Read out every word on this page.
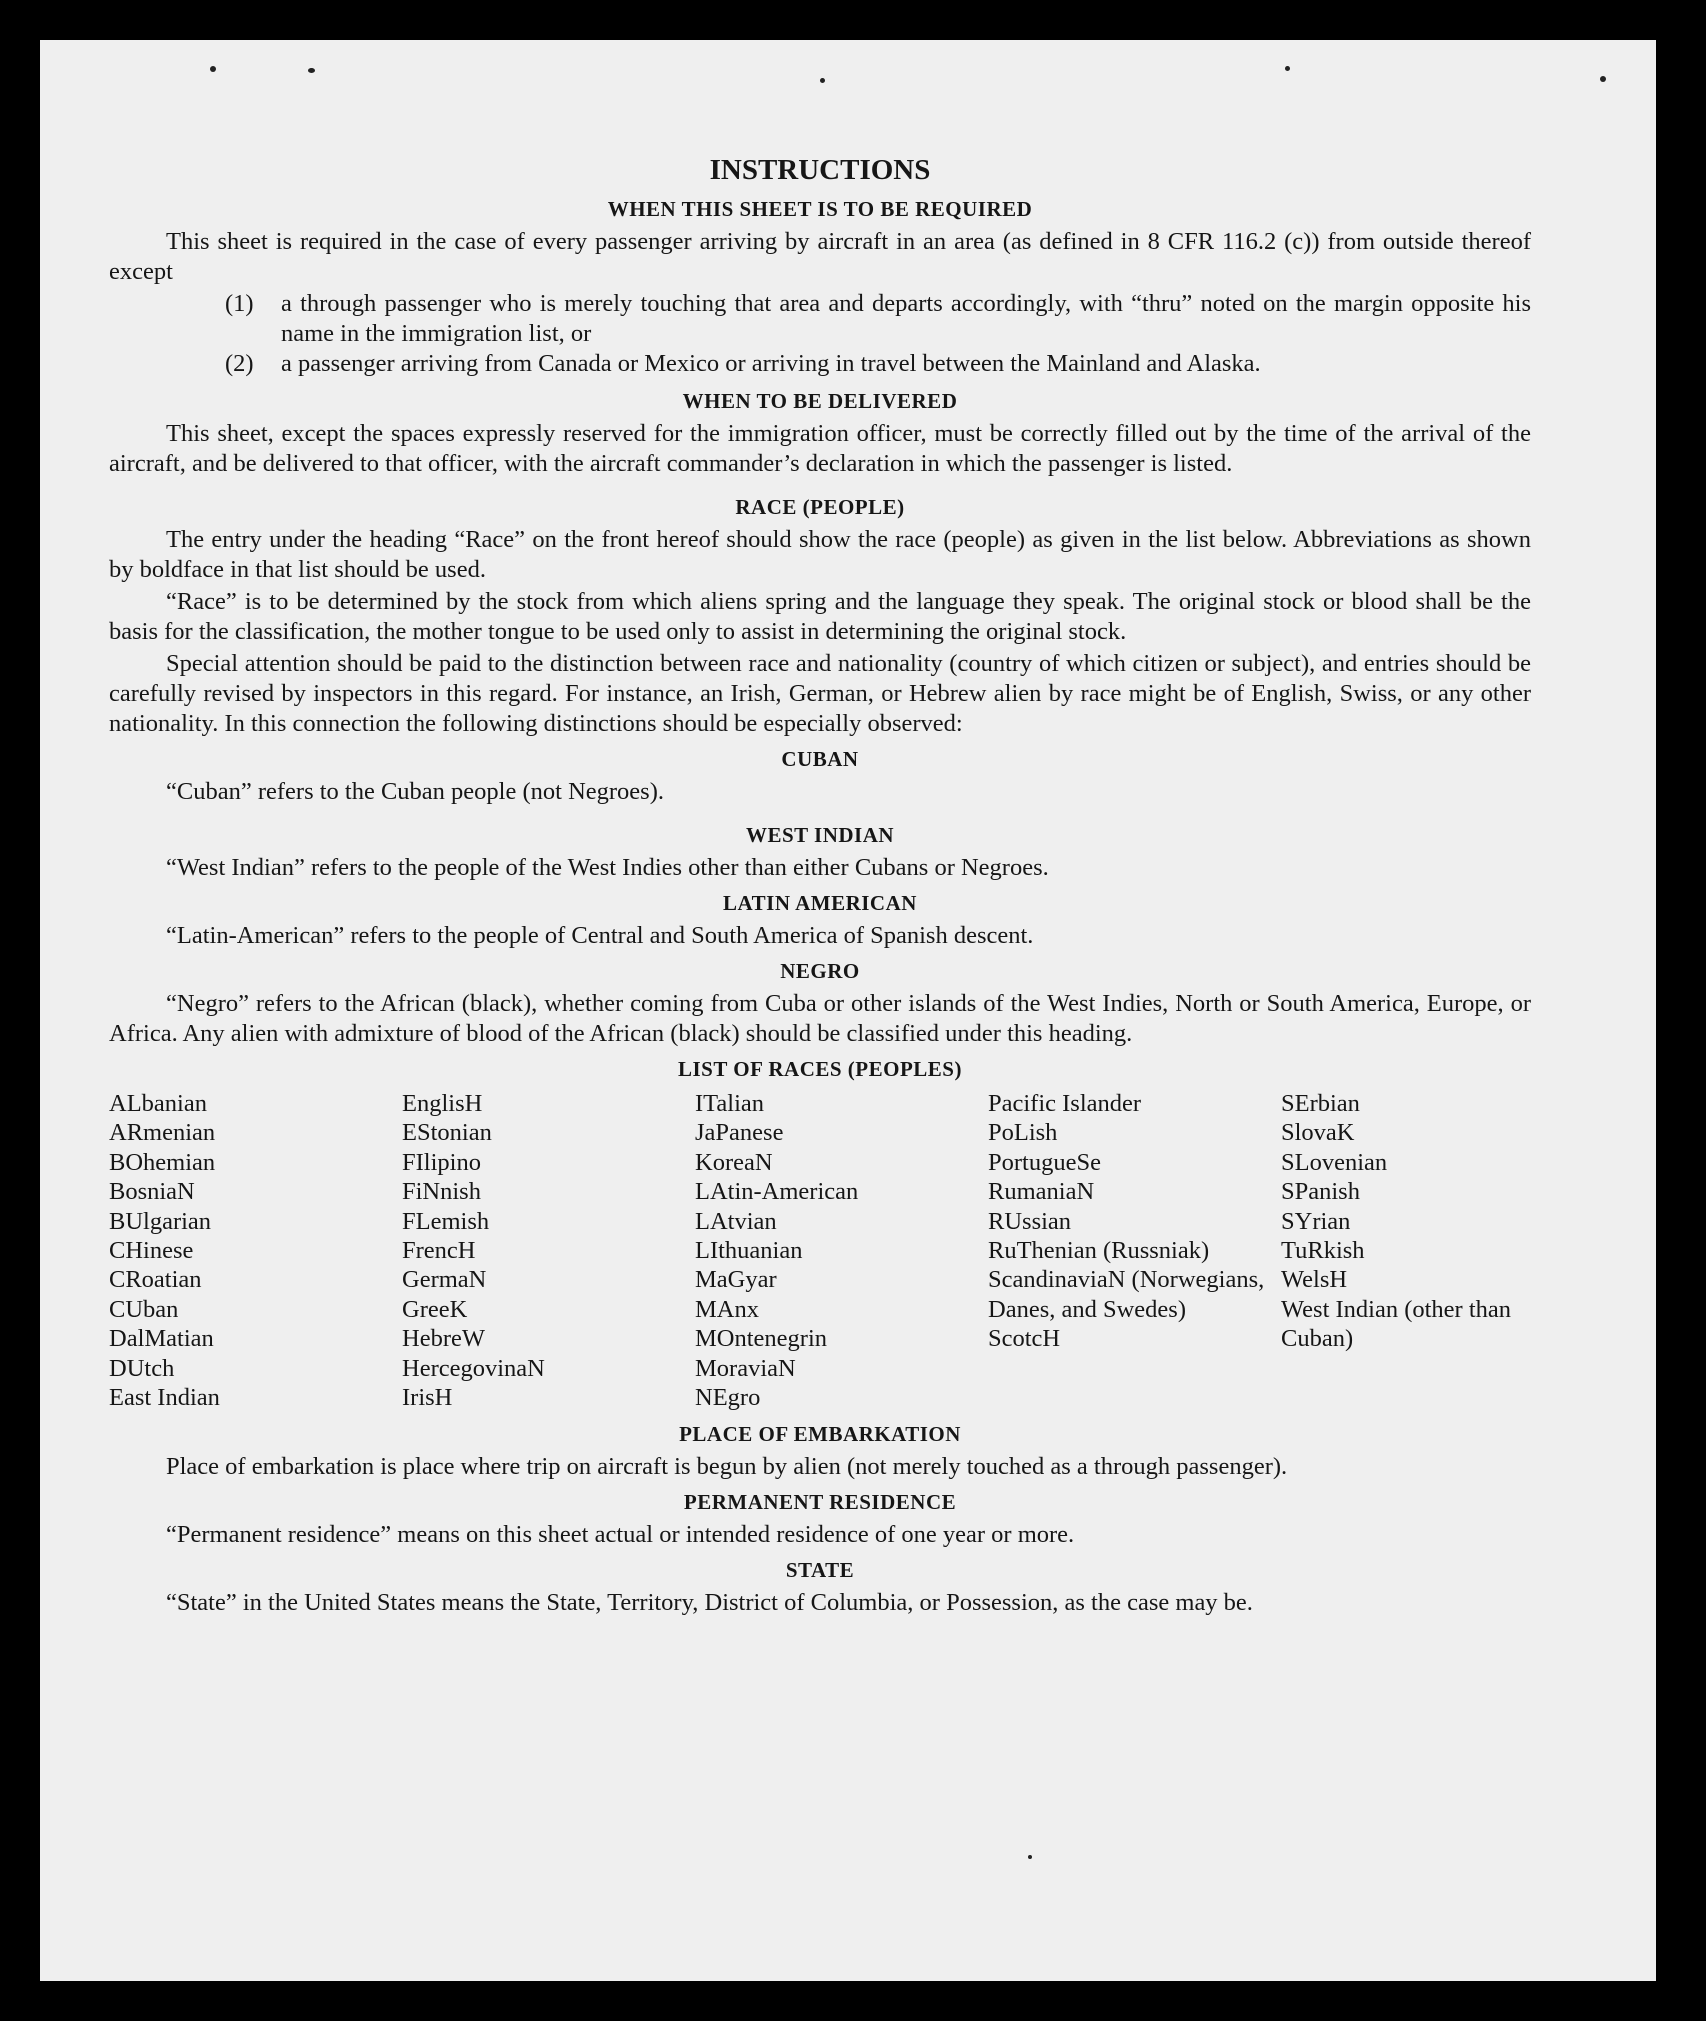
INSTRUCTIONS
WHEN THIS SHEET IS TO BE REQUIRED
This sheet is required in the case of every passenger arriving by aircraft in an area (as defined in 8 CFR 116.2 (c)) from outside thereof except
(1)	a through passenger who is merely touching that area and departs accordingly, with “thru” noted on the margin opposite his name in the immigration list, or
(2)	a passenger arriving from Canada or Mexico or arriving in travel between the Mainland and Alaska.
WHEN TO BE DELIVERED
This sheet, except the spaces expressly reserved for the immigration officer, must be correctly filled out by the time of the arrival of the aircraft, and be delivered to that officer, with the aircraft commander’s declaration in which the passenger is listed.
RACE (PEOPLE)
The entry under the heading “Race” on the front hereof should show the race (people) as given in the list below. Abbreviations as shown by boldface in that list should be used.
“Race” is to be determined by the stock from which aliens spring and the language they speak. The original stock or blood shall be the basis for the classification, the mother tongue to be used only to assist in determining the original stock.
Special attention should be paid to the distinction between race and nationality (country of which citizen or subject), and entries should be carefully revised by inspectors in this regard. For instance, an Irish, German, or Hebrew alien by race might be of English, Swiss, or any other nationality. In this connection the following distinctions should be especially observed:
CUBAN
“Cuban” refers to the Cuban people (not Negroes).
WEST INDIAN
“West Indian” refers to the people of the West Indies other than either Cubans or Negroes.
LATIN AMERICAN
“Latin-American” refers to the people of Central and South America of Spanish descent.
NEGRO
“Negro” refers to the African (black), whether coming from Cuba or other islands of the West Indies, North or South America, Europe, or Africa. Any alien with admixture of blood of the African (black) should be classified under this heading.
LIST OF RACES (PEOPLES)
ALbanian
ARmenian
BOhemian
BosniaN
BUlgarian
CHinese
CRoatian
CUban
DalMatian
DUtch
East Indian
EnglisH
EStonian
FIlipino
FiNnish
FLemish
FrencH
GermaN
GreeK
HebreW
HercegovinaN
IrisH
ITalian
JaPanese
KoreaN
LAtin-American
LAtvian
LIthuanian
MaGyar
MAnx
MOntenegrin
MoraviaN
NEgro
Pacific Islander
PoLish
PortugueSe
RumaniaN
RUssian
RuThenian (Russniak)
ScandinaviaN (Norwegians, Danes, and Swedes)
ScotcH
SErbian
SlovaK
SLovenian
SPanish
SYrian
TuRkish
WelsH
West Indian (other than Cuban)
PLACE OF EMBARKATION
Place of embarkation is place where trip on aircraft is begun by alien (not merely touched as a through passenger).
PERMANENT RESIDENCE
“Permanent residence” means on this sheet actual or intended residence of one year or more.
STATE
“State” in the United States means the State, Territory, District of Columbia, or Possession, as the case may be.
